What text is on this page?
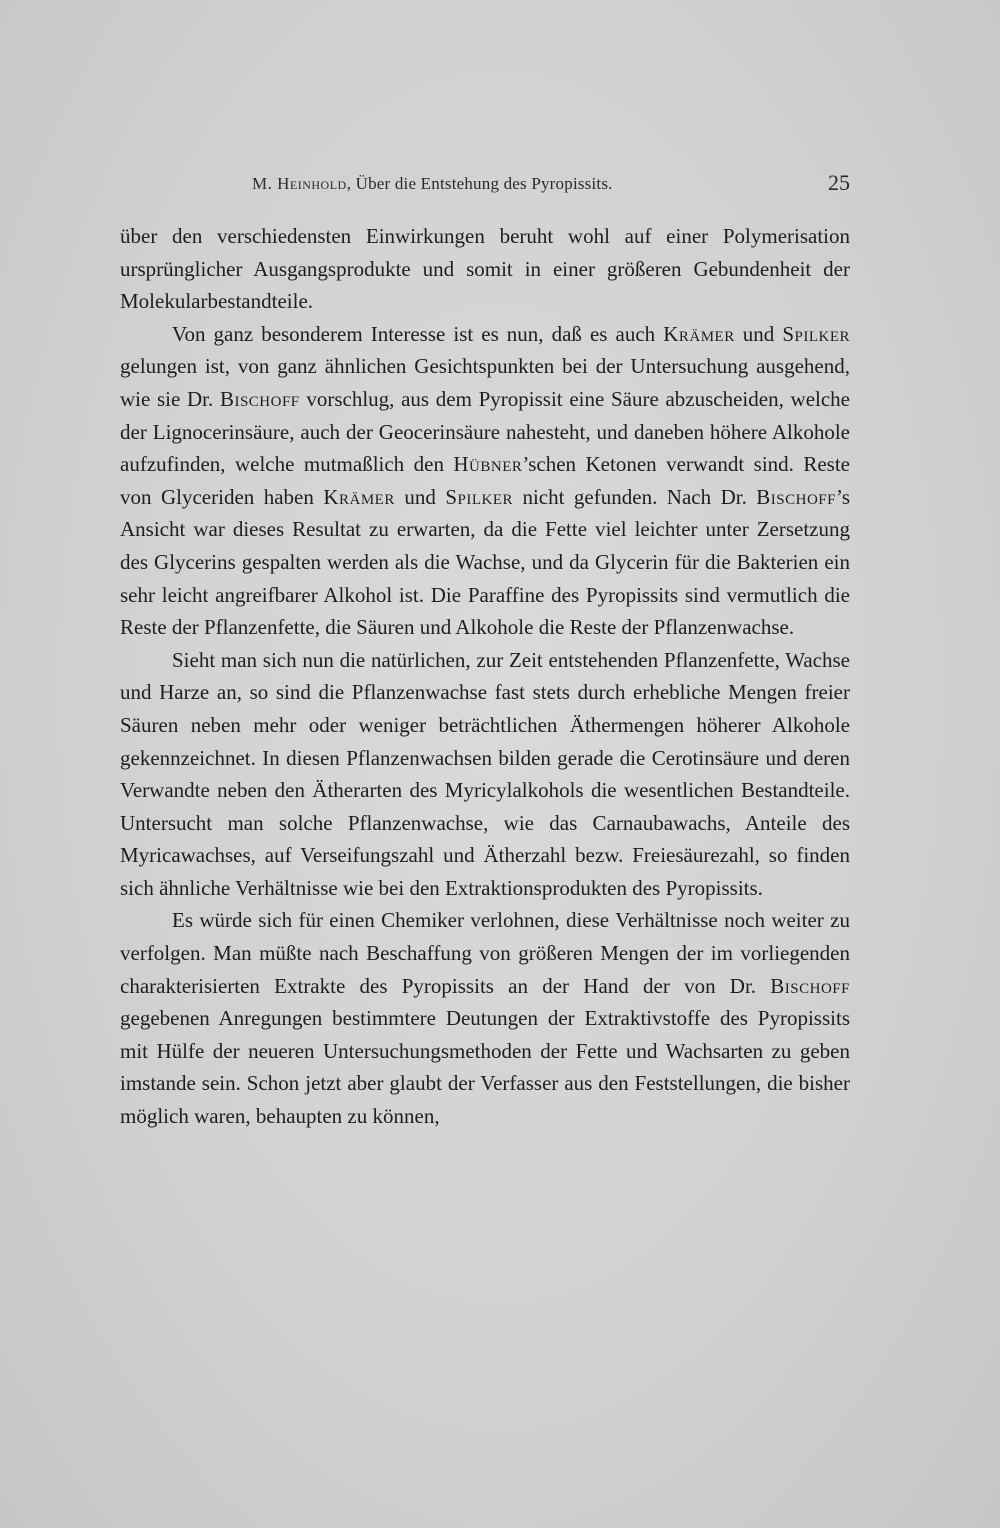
M. Heinhold, Über die Entstehung des Pyropissits.	25

über den verschiedensten Einwirkungen beruht wohl auf einer Polymerisation ursprünglicher Ausgangsprodukte und somit in einer größeren Gebundenheit der Molekularbestandteile.

Von ganz besonderem Interesse ist es nun, daß es auch Krämer und Spilker gelungen ist, von ganz ähnlichen Gesichtspunkten bei der Untersuchung ausgehend, wie sie Dr. Bischoff vorschlug, aus dem Pyropissit eine Säure abzuscheiden, welche der Lignocerinsäure, auch der Geocerinsäure nahesteht, und daneben höhere Alkohole aufzufinden, welche mutmaßlich den Hübner’schen Ketonen verwandt sind. Reste von Glyceriden haben Krämer und Spilker nicht gefunden. Nach Dr. Bischoff’s Ansicht war dieses Resultat zu erwarten, da die Fette viel leichter unter Zersetzung des Glycerins gespalten werden als die Wachse, und da Glycerin für die Bakterien ein sehr leicht angreifbarer Alkohol ist. Die Paraffine des Pyropissits sind vermutlich die Reste der Pflanzenfette, die Säuren und Alkohole die Reste der Pflanzenwachse.

Sieht man sich nun die natürlichen, zur Zeit entstehenden Pflanzenfette, Wachse und Harze an, so sind die Pflanzenwachse fast stets durch erhebliche Mengen freier Säuren neben mehr oder weniger beträchtlichen Äthermengen höherer Alkohole gekennzeichnet. In diesen Pflanzenwachsen bilden gerade die Cerotinsäure und deren Verwandte neben den Ätherarten des Myricylalkohols die wesentlichen Bestandteile. Untersucht man solche Pflanzenwachse, wie das Carnaubawachs, Anteile des Myricawachses, auf Verseifungszahl und Ätherzahl bezw. Freiesäurezahl, so finden sich ähnliche Verhältnisse wie bei den Extraktionsprodukten des Pyropissits.

Es würde sich für einen Chemiker verlohnen, diese Verhältnisse noch weiter zu verfolgen. Man müßte nach Beschaffung von größeren Mengen der im vorliegenden charakterisierten Extrakte des Pyropissits an der Hand der von Dr. Bischoff gegebenen Anregungen bestimmtere Deutungen der Extraktivstoffe des Pyropissits mit Hülfe der neueren Untersuchungsmethoden der Fette und Wachsarten zu geben imstande sein. Schon jetzt aber glaubt der Verfasser aus den Feststellungen, die bisher möglich waren, behaupten zu können,
